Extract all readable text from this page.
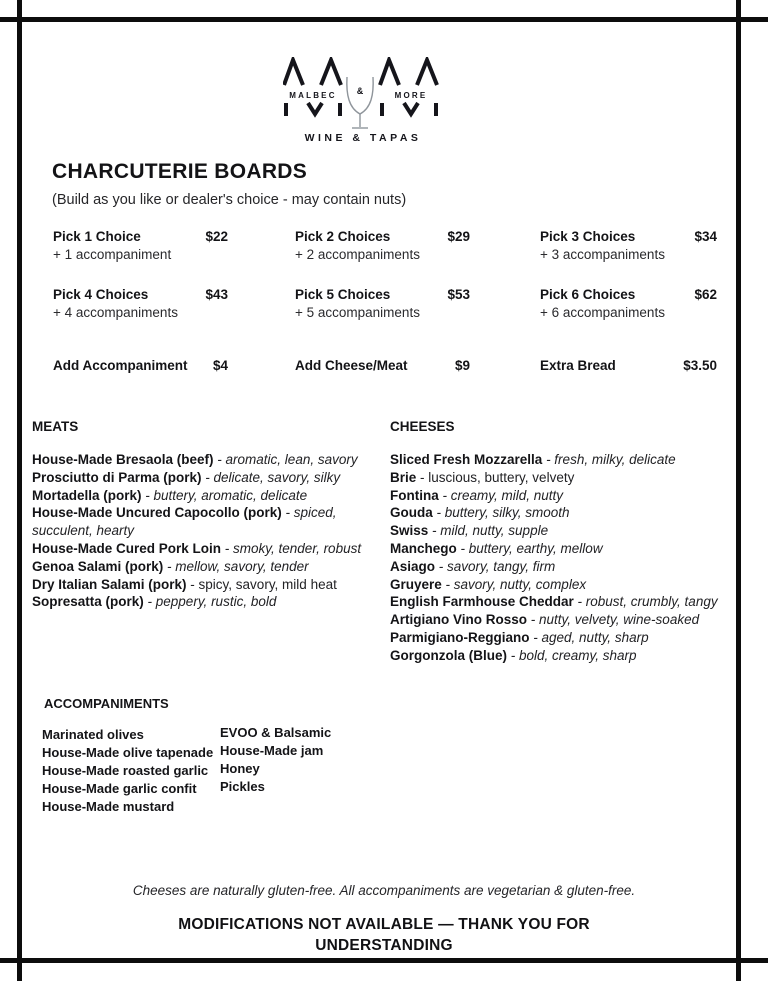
MALBEC &	MORE
WINE & TAPAS
CHARCUTERIE BOARDS
(Build as you like or dealer's choice - may contain nuts)
Pick 1 Choice	$22
+ 1 accompaniment
Pick 2 Choices	$29
+ 2 accompaniments
Pick 3 Choices	$34
+ 3 accompaniments
Pick 4 Choices	$43
+ 4 accompaniments
Pick 5 Choices	$53
+ 5 accompaniments
Pick 6 Choices	$62
+ 6 accompaniments
Add Accompaniment $4	Add Cheese/Meat	$9	Extra Bread	$3.50
MEATS
House-Made Bresaola (beef) - aromatic, lean, savory
Prosciutto di Parma (pork) - delicate, savory, silky
Mortadella (pork) - buttery, aromatic, delicate
House-Made Uncured Capocollo (pork) - spiced, succulent, hearty
House-Made Cured Pork Loin - smoky, tender, robust
Genoa Salami (pork) - mellow, savory, tender
Dry Italian Salami (pork) - spicy, savory, mild heat
Sopresatta (pork) - peppery, rustic, bold
CHEESES
Sliced Fresh Mozzarella - fresh, milky, delicate
Brie - luscious, buttery, velvety
Fontina - creamy, mild, nutty
Gouda - buttery, silky, smooth
Swiss - mild, nutty, supple
Manchego - buttery, earthy, mellow
Asiago - savory, tangy, firm
Gruyere - savory, nutty, complex
English Farmhouse Cheddar - robust, crumbly, tangy
Artigiano Vino Rosso - nutty, velvety, wine-soaked
Parmigiano-Reggiano - aged, nutty, sharp
Gorgonzola (Blue) - bold, creamy, sharp
ACCOMPANIMENTS
Marinated olives
House-Made olive tapenade
House-Made roasted garlic
House-Made garlic confit
House-Made mustard
EVOO & Balsamic
House-Made jam
Honey
Pickles
Cheeses are naturally gluten-free. All accompaniments are vegetarian & gluten-free.
MODIFICATIONS NOT AVAILABLE — THANK YOU FOR UNDERSTANDING
